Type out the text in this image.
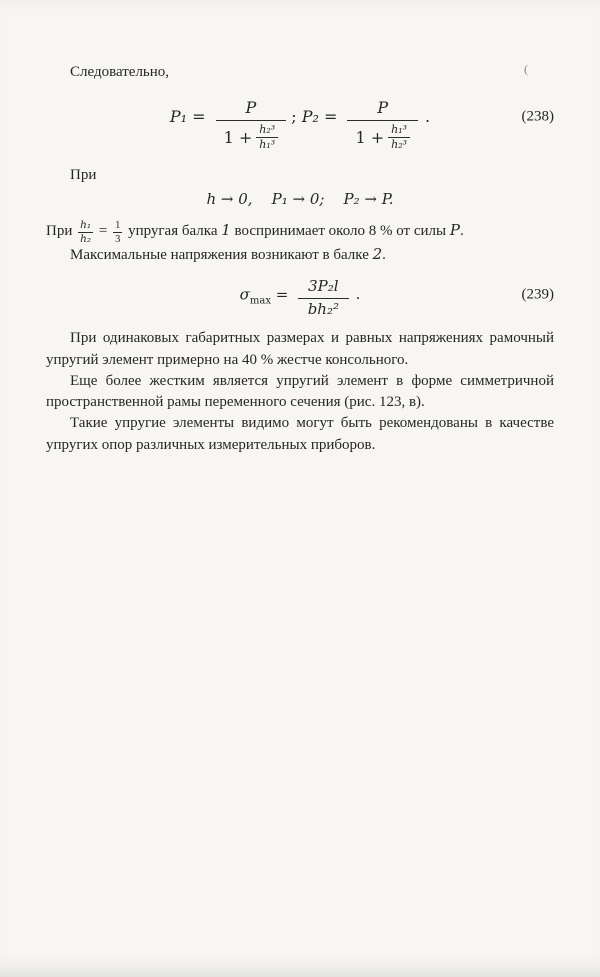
(

Следовательно,

$P_1 = \frac{P}{1 + \frac{\text{h₂³}}{\text{h₁³}}}$ ; $P_2 = \frac{P}{1 + \frac{\text{h₁³}}{\text{h₂³}}}$ .	(238)

При

h → 0,    P₁ → 0;    P₂ → P.

При $\frac{\text{h₁}}{\text{h₂}} = \frac{1}{3}$ упругая балка 1 воспринимает около 8 % от силы P.

Максимальные напряжения возникают в балке 2.

$\sigma_{max} = \frac{\text{3P₂l}}{\text{bh₂²}}$ .	(239)

При одинаковых габаритных размерах и равных напряжениях рамочный упругий элемент примерно на 40 % жестче консольного.

Еще более жестким является упругий элемент в форме симметричной пространственной рамы переменного сечения (рис. 123, в).

Такие упругие элементы видимо могут быть рекомендованы в качестве упругих опор различных измерительных приборов.
